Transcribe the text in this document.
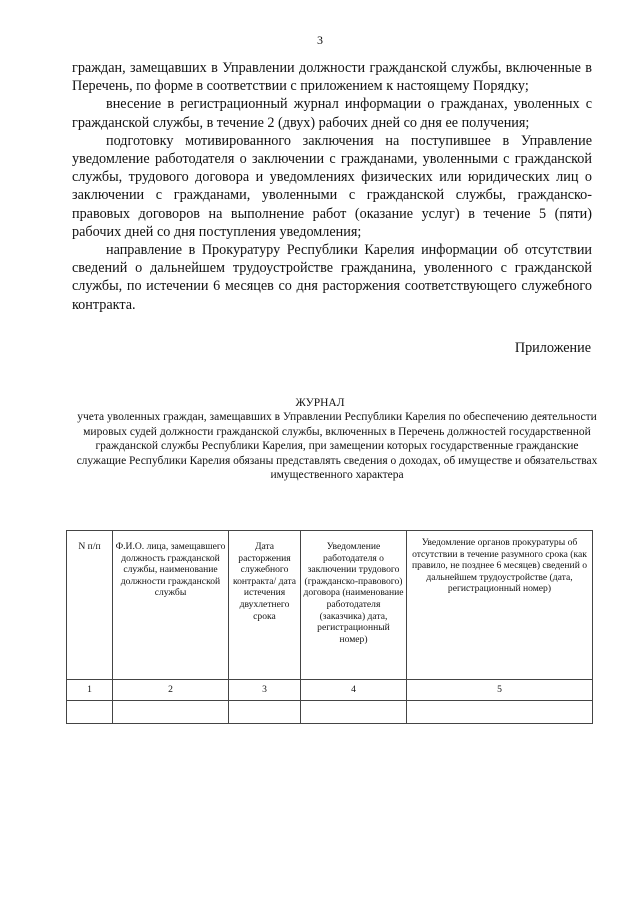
3

граждан, замещавших в Управлении должности гражданской службы, включенные в Перечень, по форме в соответствии с приложением к настоящему Порядку;

внесение в регистрационный журнал информации о гражданах, уволенных с гражданской службы, в течение 2 (двух) рабочих дней со дня ее получения;

подготовку мотивированного заключения на поступившее в Управление уведомление работодателя о заключении с гражданами, уволенными с гражданской службы, трудового договора и уведомлениях физических или юридических лиц о заключении с гражданами, уволенными с гражданской службы, гражданско-правовых договоров на выполнение работ (оказание услуг) в течение 5 (пяти) рабочих дней со дня поступления уведомления;

направление в Прокуратуру Республики Карелия информации об отсутствии сведений о дальнейшем трудоустройстве гражданина, уволенного с гражданской службы, по истечении 6 месяцев со дня расторжения соответствующего служебного контракта.

Приложение
ЖУРНАЛ
учета уволенных граждан, замещавших в Управлении Республики Карелия по обеспечению деятельности мировых судей должности гражданской службы, включенных в Перечень должностей государственной гражданской службы Республики Карелия, при замещении которых государственные гражданские служащие Республики Карелия обязаны представлять сведения о доходах, об имуществе и обязательствах имущественного характера
N п/п	Ф.И.О. лица, замещавшего должность гражданской службы, наименование должности гражданской службы	Дата расторжения служебного контракта/ дата истечения двухлетнего срока	Уведомление работодателя о заключении трудового (гражданско-правового) договора (наименование работодателя (заказчика) дата, регистрационный номер)	Уведомление органов прокуратуры об отсутствии в течение разумного срока (как правило, не позднее 6 месяцев) сведений о дальнейшем трудоустройстве (дата, регистрационный номер)
1	2	3	4	5
